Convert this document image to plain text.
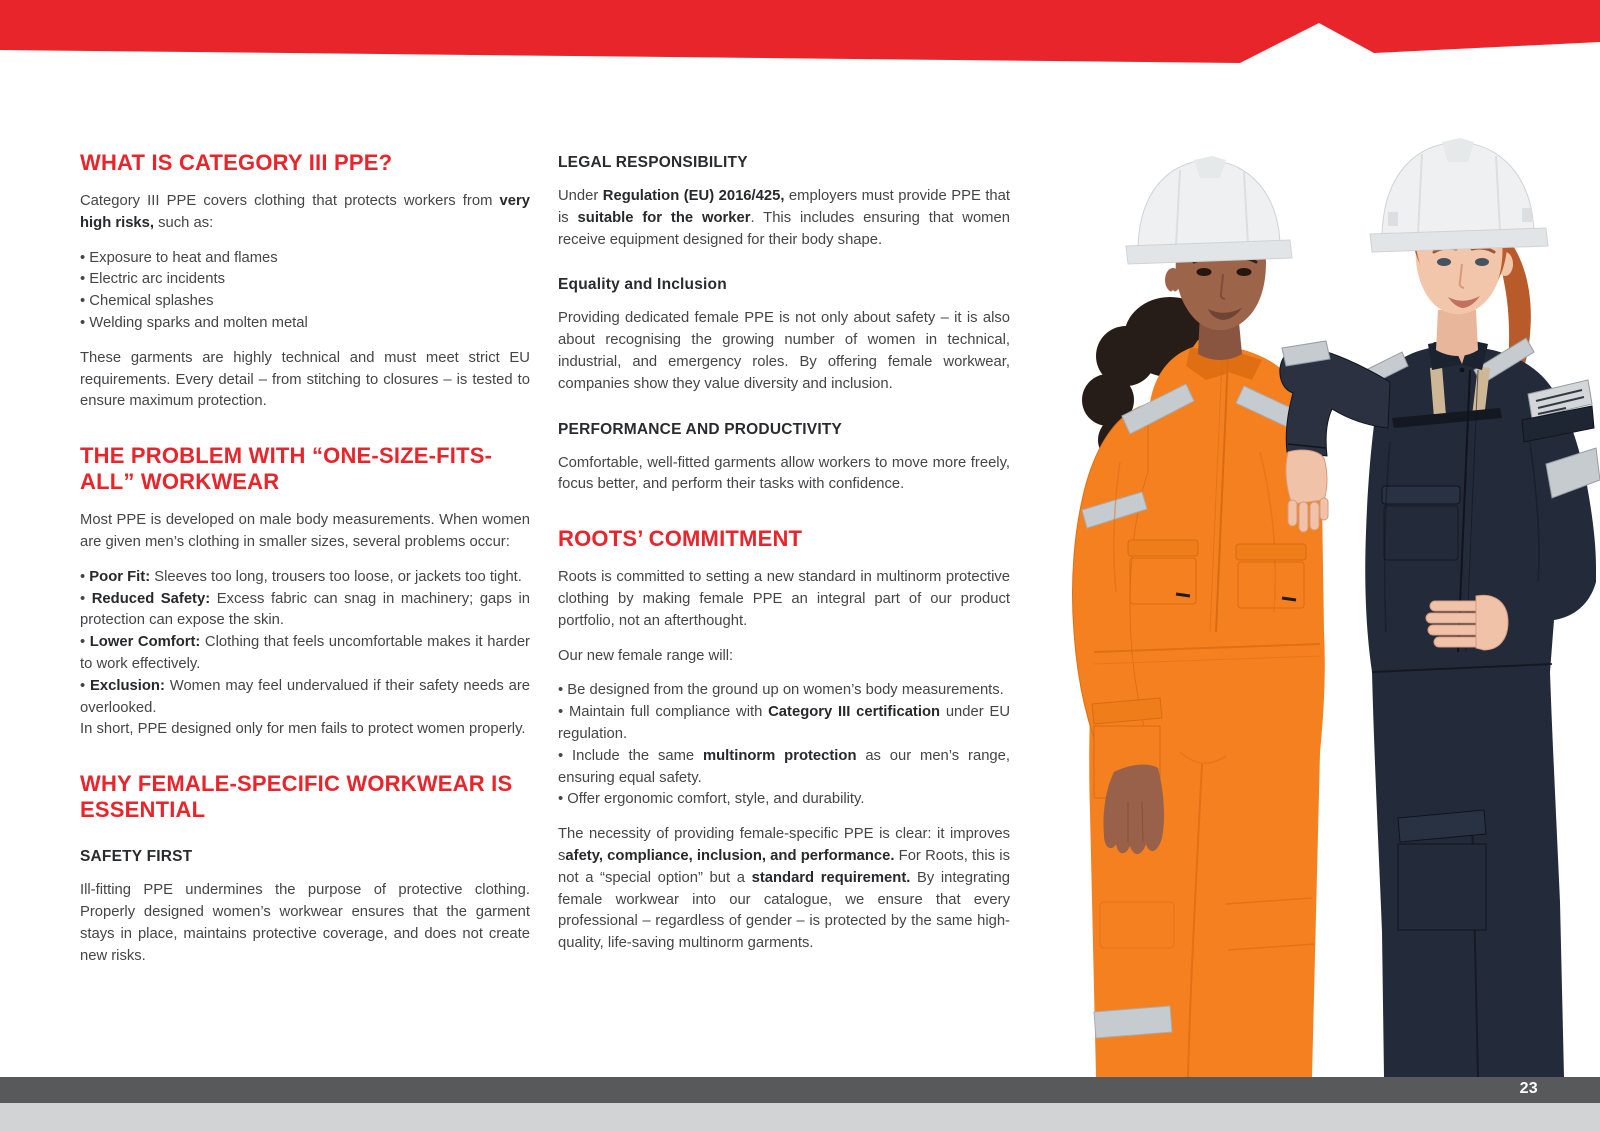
WHAT IS CATEGORY III PPE?

Category III PPE covers clothing that protects workers from very high risks, such as:

• Exposure to heat and flames
• Electric arc incidents
• Chemical splashes
• Welding sparks and molten metal

These garments are highly technical and must meet strict EU requirements. Every detail – from stitching to closures – is tested to ensure maximum protection.

THE PROBLEM WITH “ONE-SIZE-FITS-ALL” WORKWEAR

Most PPE is developed on male body measurements. When women are given men’s clothing in smaller sizes, several problems occur:

• Poor Fit: Sleeves too long, trousers too loose, or jackets too tight.
• Reduced Safety: Excess fabric can snag in machinery; gaps in protection can expose the skin.
• Lower Comfort: Clothing that feels uncomfortable makes it harder to work effectively.
• Exclusion: Women may feel undervalued if their safety needs are overlooked.

In short, PPE designed only for men fails to protect women properly.

WHY FEMALE-SPECIFIC WORKWEAR IS ESSENTIAL
SAFETY FIRST

Ill-fitting PPE undermines the purpose of protective clothing. Properly designed women’s workwear ensures that the garment stays in place, maintains protective coverage, and does not create new risks.

LEGAL RESPONSIBILITY

Under Regulation (EU) 2016/425, employers must provide PPE that is suitable for the worker. This includes ensuring that women receive equipment designed for their body shape.

Equality and Inclusion

Providing dedicated female PPE is not only about safety – it is also about recognising the growing number of women in technical, industrial, and emergency roles. By offering female workwear, companies show they value diversity and inclusion.

PERFORMANCE AND PRODUCTIVITY

Comfortable, well-fitted garments allow workers to move more freely, focus better, and perform their tasks with confidence.

ROOTS’ COMMITMENT

Roots is committed to setting a new standard in multinorm protective clothing by making female PPE an integral part of our product portfolio, not an afterthought.

Our new female range will:

• Be designed from the ground up on women’s body measurements.
• Maintain full compliance with Category III certification under EU regulation.
• Include the same multinorm protection as our men’s range, ensuring equal safety.
• Offer ergonomic comfort, style, and durability.

The necessity of providing female-specific PPE is clear: it improves safety, compliance, inclusion, and performance. For Roots, this is not a “special option” but a standard requirement. By integrating female workwear into our catalogue, we ensure that every professional – regardless of gender – is protected by the same high-quality, life-saving multinorm garments.

23
